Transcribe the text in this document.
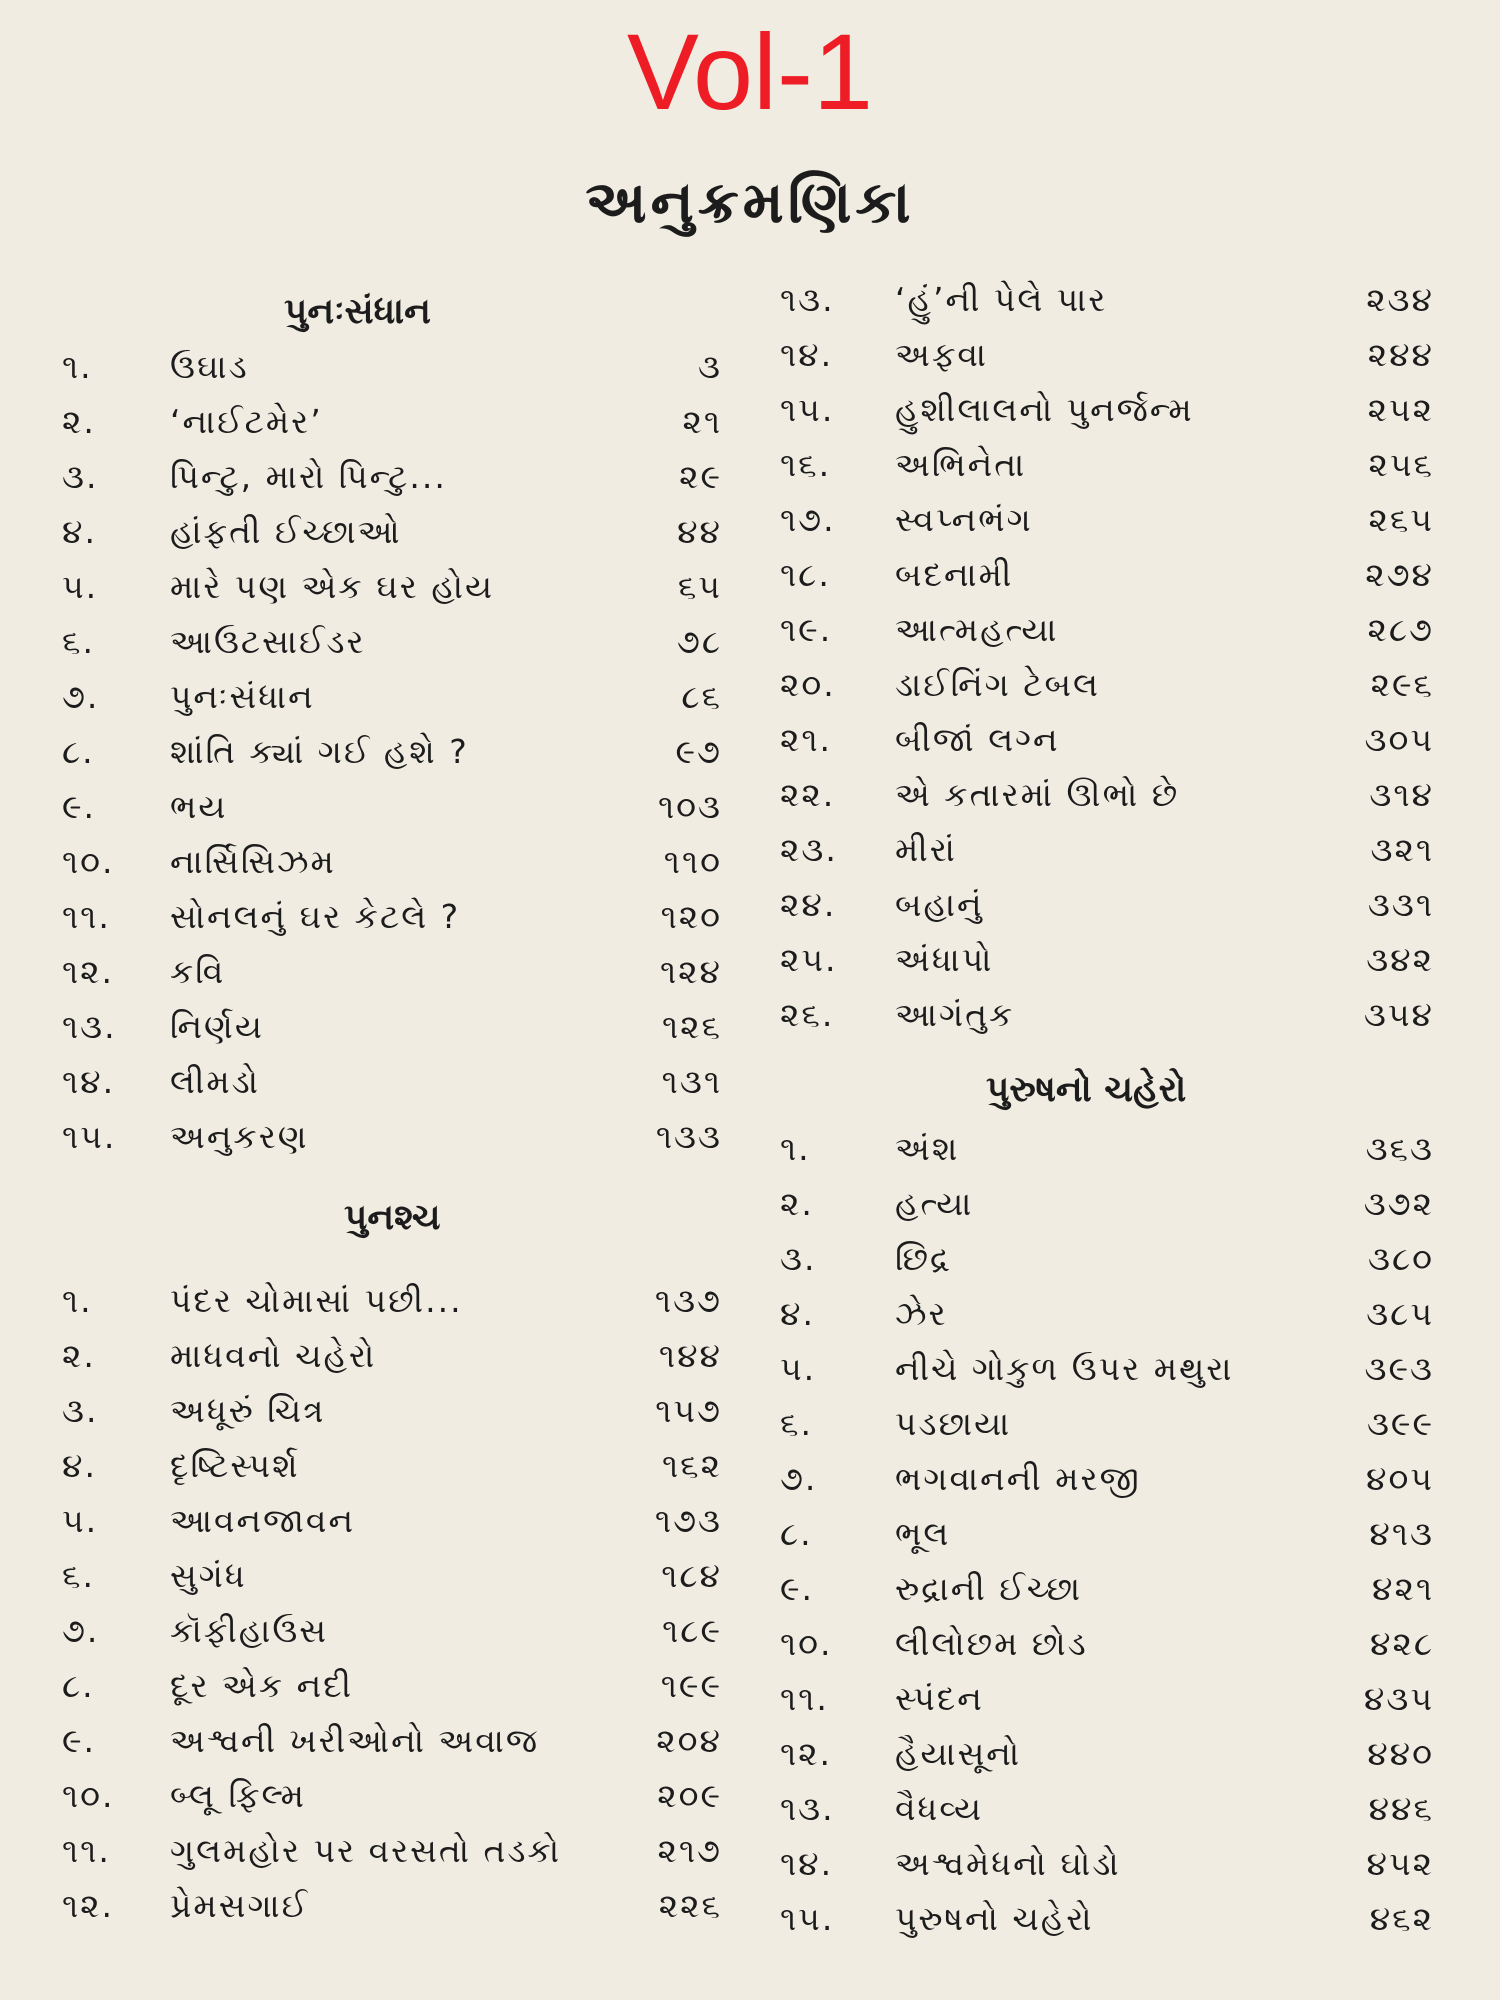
Vol-1
અનુક્રમણિકા
પુનઃસંધાન
૧. ઉઘાડ	૩
૨. ‘નાઈટમેર’	૨૧
૩. પિન્ટુ, મારો પિન્ટુ...	૨૯
૪. હાંફતી ઈચ્છાઓ	૪૪
૫. મારે પણ એક ઘર હોય	૬૫
૬. આઉટસાઈડર	૭૮
૭. પુનઃસંધાન	૮૬
૮. શાંતિ ક્યાં ગઈ હશે ?	૯૭
૯. ભય	૧૦૩
૧૦. નાર્સિસિઝમ	૧૧૦
૧૧. સોનલનું ઘર કેટલે ?	૧૨૦
૧૨. કવિ	૧૨૪
૧૩. નિર્ણય	૧૨૬
૧૪. લીમડો	૧૩૧
૧૫. અનુકરણ	૧૩૩
પુનશ્ચ
૧. પંદર ચોમાસાં પછી...	૧૩૭
૨. માધવનો ચહેરો	૧૪૪
૩. અધૂરું ચિત્ર	૧૫૭
૪. દૃષ્ટિસ્પર્શ	૧૬૨
૫. આવનજાવન	૧૭૩
૬. સુગંધ	૧૮૪
૭. કૉફીહાઉસ	૧૮૯
૮. દૂર એક નદી	૧૯૯
૯. અશ્વની ખરીઓનો અવાજ	૨૦૪
૧૦. બ્લૂ ફિલ્મ	૨૦૯
૧૧. ગુલમહોર પર વરસતો તડકો	૨૧૭
૧૨. પ્રેમસગાઈ	૨૨૬
૧૩. ‘હું’ની પેલે પાર	૨૩૪
૧૪. અફવા	૨૪૪
૧૫. હુશીલાલનો પુનર્જન્મ	૨૫૨
૧૬. અભિનેતા	૨૫૬
૧૭. સ્વપ્નભંગ	૨૬૫
૧૮. બદનામી	૨૭૪
૧૯. આત્મહત્યા	૨૮૭
૨૦. ડાઈનિંગ ટેબલ	૨૯૬
૨૧. બીજાં લગ્ન	૩૦૫
૨૨. એ કતારમાં ઊભો છે	૩૧૪
૨૩. મીરાં	૩૨૧
૨૪. બહાનું	૩૩૧
૨૫. અંધાપો	૩૪૨
૨૬. આગંતુક	૩૫૪
પુરુષનો ચહેરો
૧.	અંશ	૩૬૩
૨. હત્યા	૩૭૨
૩. છિદ્ર	૩૮૦
૪. ઝેર	૩૮૫
૫. નીચે ગોકુળ ઉપર મથુરા	૩૯૩
૬. પડછાયા	૩૯૯
૭. ભગવાનની મરજી	૪૦૫
૮. ભૂલ	૪૧૩
૯. રુદ્રાની ઈચ્છા	૪૨૧
૧૦. લીલોછમ છોડ	૪૨૮
૧૧. સ્પંદન	૪૩૫
૧૨. હૈયાસૂનો	૪૪૦
૧૩. વૈધવ્ય	૪૪૬
૧૪. અશ્વમેધનો ઘોડો	૪૫૨
૧૫. પુરુષનો ચહેરો	૪૬૨
